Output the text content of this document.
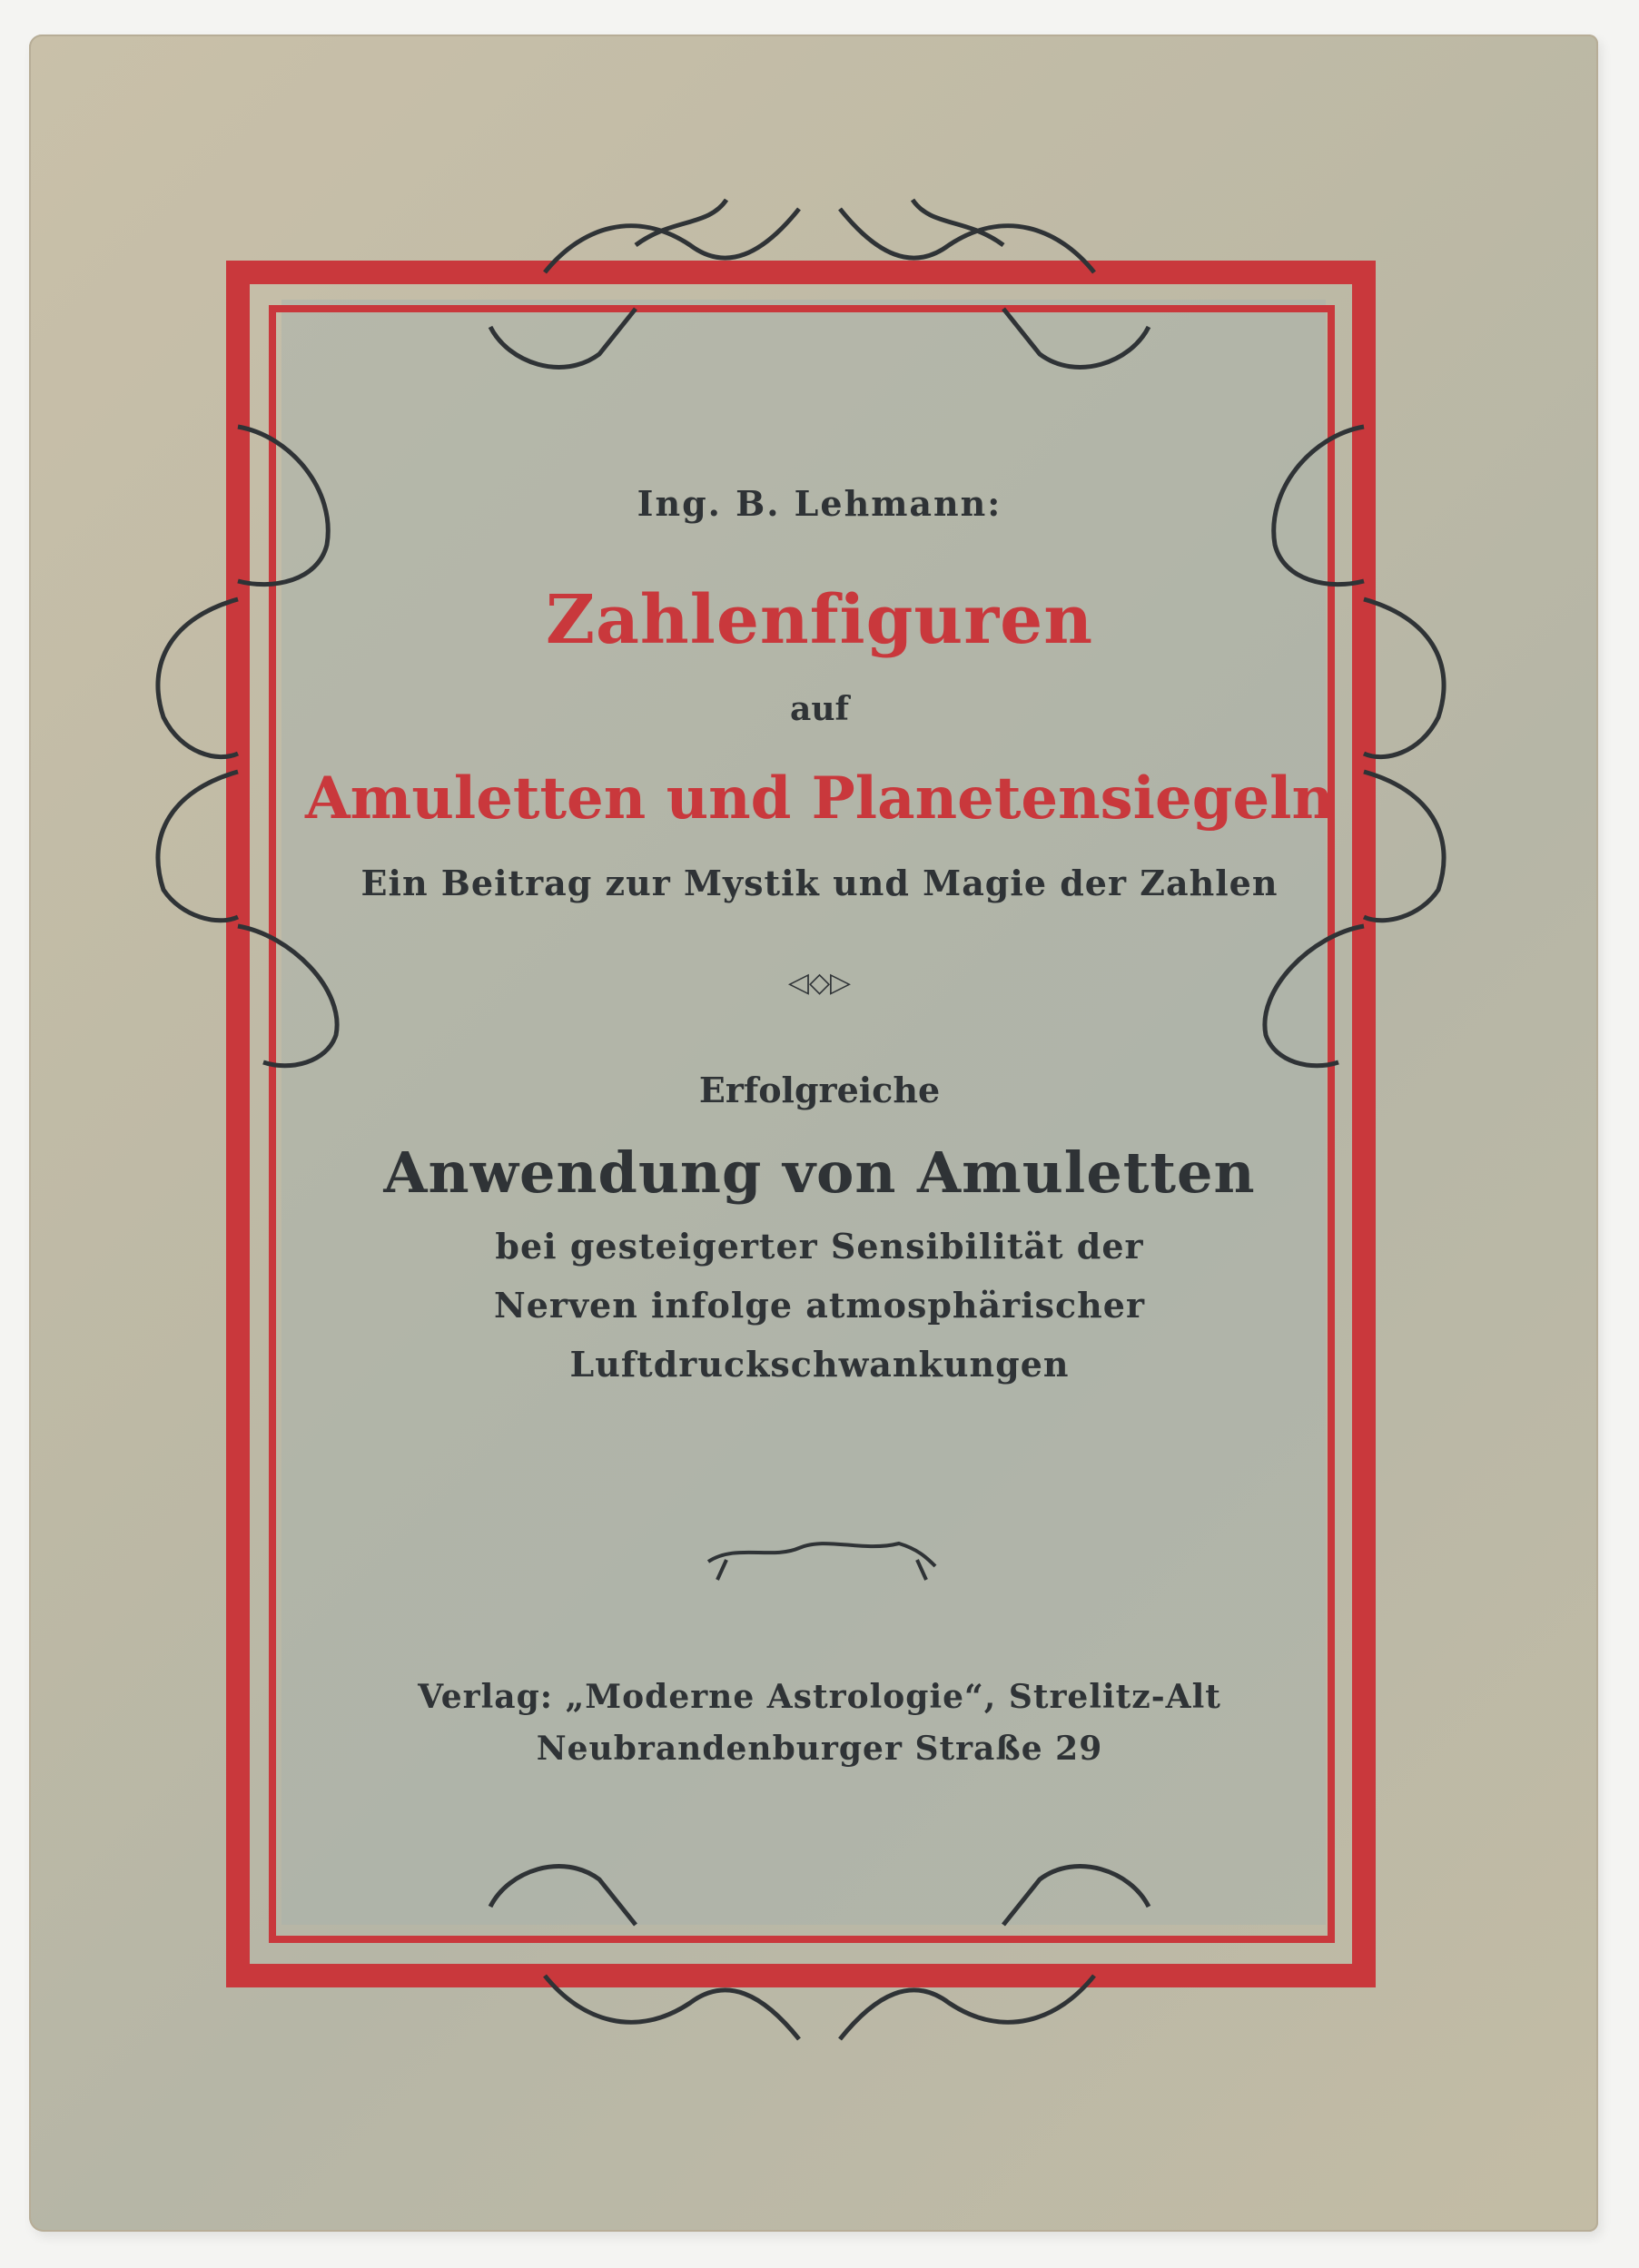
Ing. B. Lehmann:
Zahlenfiguren
auf
Amuletten und Planetensiegeln
Ein Beitrag zur Mystik und Magie der Zahlen
◁◇▷
Erfolgreiche
Anwendung von Amuletten
bei gesteigerter Sensibilität der
Nerven infolge atmosphärischer
Luftdruckschwankungen
Verlag: „Moderne Astrologie“, Strelitz-Alt
Neubrandenburger Straße 29
